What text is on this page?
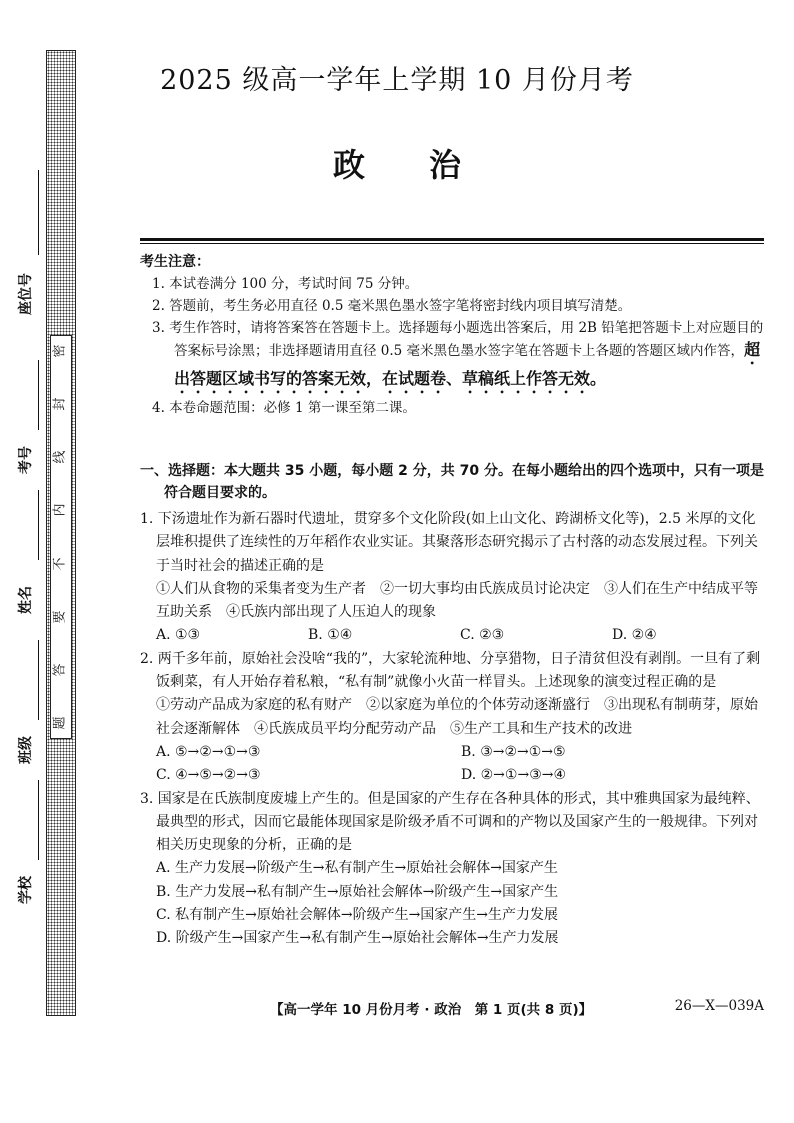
密
封
线
内
不
要
答
题
座位号
考号
姓名
班级
学校
2025 级高一学年上学期 10 月份月考
政治
考生注意：
1. 本试卷满分 100 分，考试时间 75 分钟。
2. 答题前，考生务必用直径 0.5 毫米黑色墨水签字笔将密封线内项目填写清楚。
3. 考生作答时，请将答案答在答题卡上。选择题每小题选出答案后，用 2B 铅笔把答题卡上对应题目的答案标号涂黑；非选择题请用直径 0.5 毫米黑色墨水签字笔在答题卡上各题的答题区域内作答，超出答题区域书写的答案无效，在试题卷、草稿纸上作答无效。
4. 本卷命题范围：必修 1 第一课至第二课。
一、选择题：本大题共 35 小题，每小题 2 分，共 70 分。在每小题给出的四个选项中，只有一项是符合题目要求的。
1. 下汤遗址作为新石器时代遗址，贯穿多个文化阶段(如上山文化、跨湖桥文化等)，2.5 米厚的文化层堆积提供了连续性的万年稻作农业实证。其聚落形态研究揭示了古村落的动态发展过程。下列关于当时社会的描述正确的是
①人们从食物的采集者变为生产者　②一切大事均由氏族成员讨论决定　③人们在生产中结成平等互助关系　④氏族内部出现了人压迫人的现象
A. ①③	B. ①④	C. ②③	D. ②④
2. 两千多年前，原始社会没啥“我的”，大家轮流种地、分享猎物，日子清贫但没有剥削。一旦有了剩饭剩菜，有人开始存着私粮，“私有制”就像小火苗一样冒头。上述现象的演变过程正确的是
①劳动产品成为家庭的私有财产　②以家庭为单位的个体劳动逐渐盛行　③出现私有制萌芽，原始社会逐渐解体　④氏族成员平均分配劳动产品　⑤生产工具和生产技术的改进
A. ⑤→②→①→③	B. ③→②→①→⑤
C. ④→⑤→②→③	D. ②→①→③→④
3. 国家是在氏族制度废墟上产生的。但是国家的产生存在各种具体的形式，其中雅典国家为最纯粹、最典型的形式，因而它最能体现国家是阶级矛盾不可调和的产物以及国家产生的一般规律。下列对相关历史现象的分析，正确的是
A. 生产力发展→阶级产生→私有制产生→原始社会解体→国家产生
B. 生产力发展→私有制产生→原始社会解体→阶级产生→国家产生
C. 私有制产生→原始社会解体→阶级产生→国家产生→生产力发展
D. 阶级产生→国家产生→私有制产生→原始社会解体→生产力发展
【高一学年 10 月份月考 · 政治　第 1 页(共 8 页)】	26—X—039A
